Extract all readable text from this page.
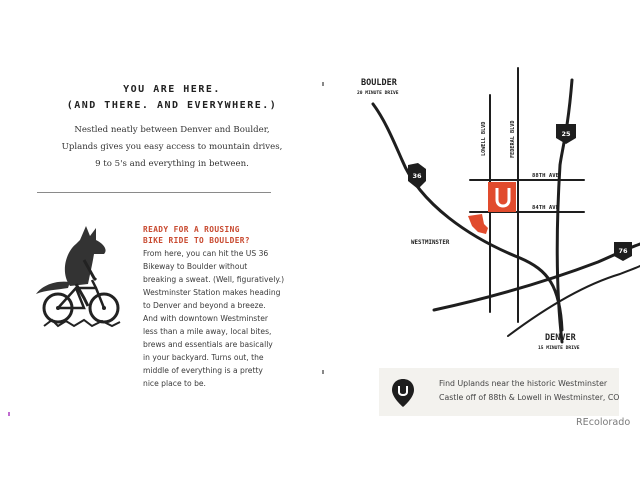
YOU ARE HERE.
(AND THERE. AND EVERYWHERE.)
Nestled neatly between Denver and Boulder,
Uplands gives you easy access to mountain drives,
9 to 5's and everything in between.
READY FOR A ROUSING
BIKE RIDE TO BOULDER?
From here, you can hit the US 36
Bikeway to Boulder without
breaking a sweat. (Well, figuratively.)
Westminster Station makes heading
to Denver and beyond a breeze.
And with downtown Westminster
less than a mile away, local bites,
brews and essentials are basically
in your backyard. Turns out, the
middle of everything is a pretty
nice place to be.
36
25
76
BOULDER
20 MINUTE DRIVE
DENVER
15 MINUTE DRIVE
WESTMINSTER
88TH AVE
84TH AVE
LOWELL BLVD	FEDERAL BLVD
Find Uplands near the historic Westminster
Castle off of 88th & Lowell in Westminster, CO
REcolorado
